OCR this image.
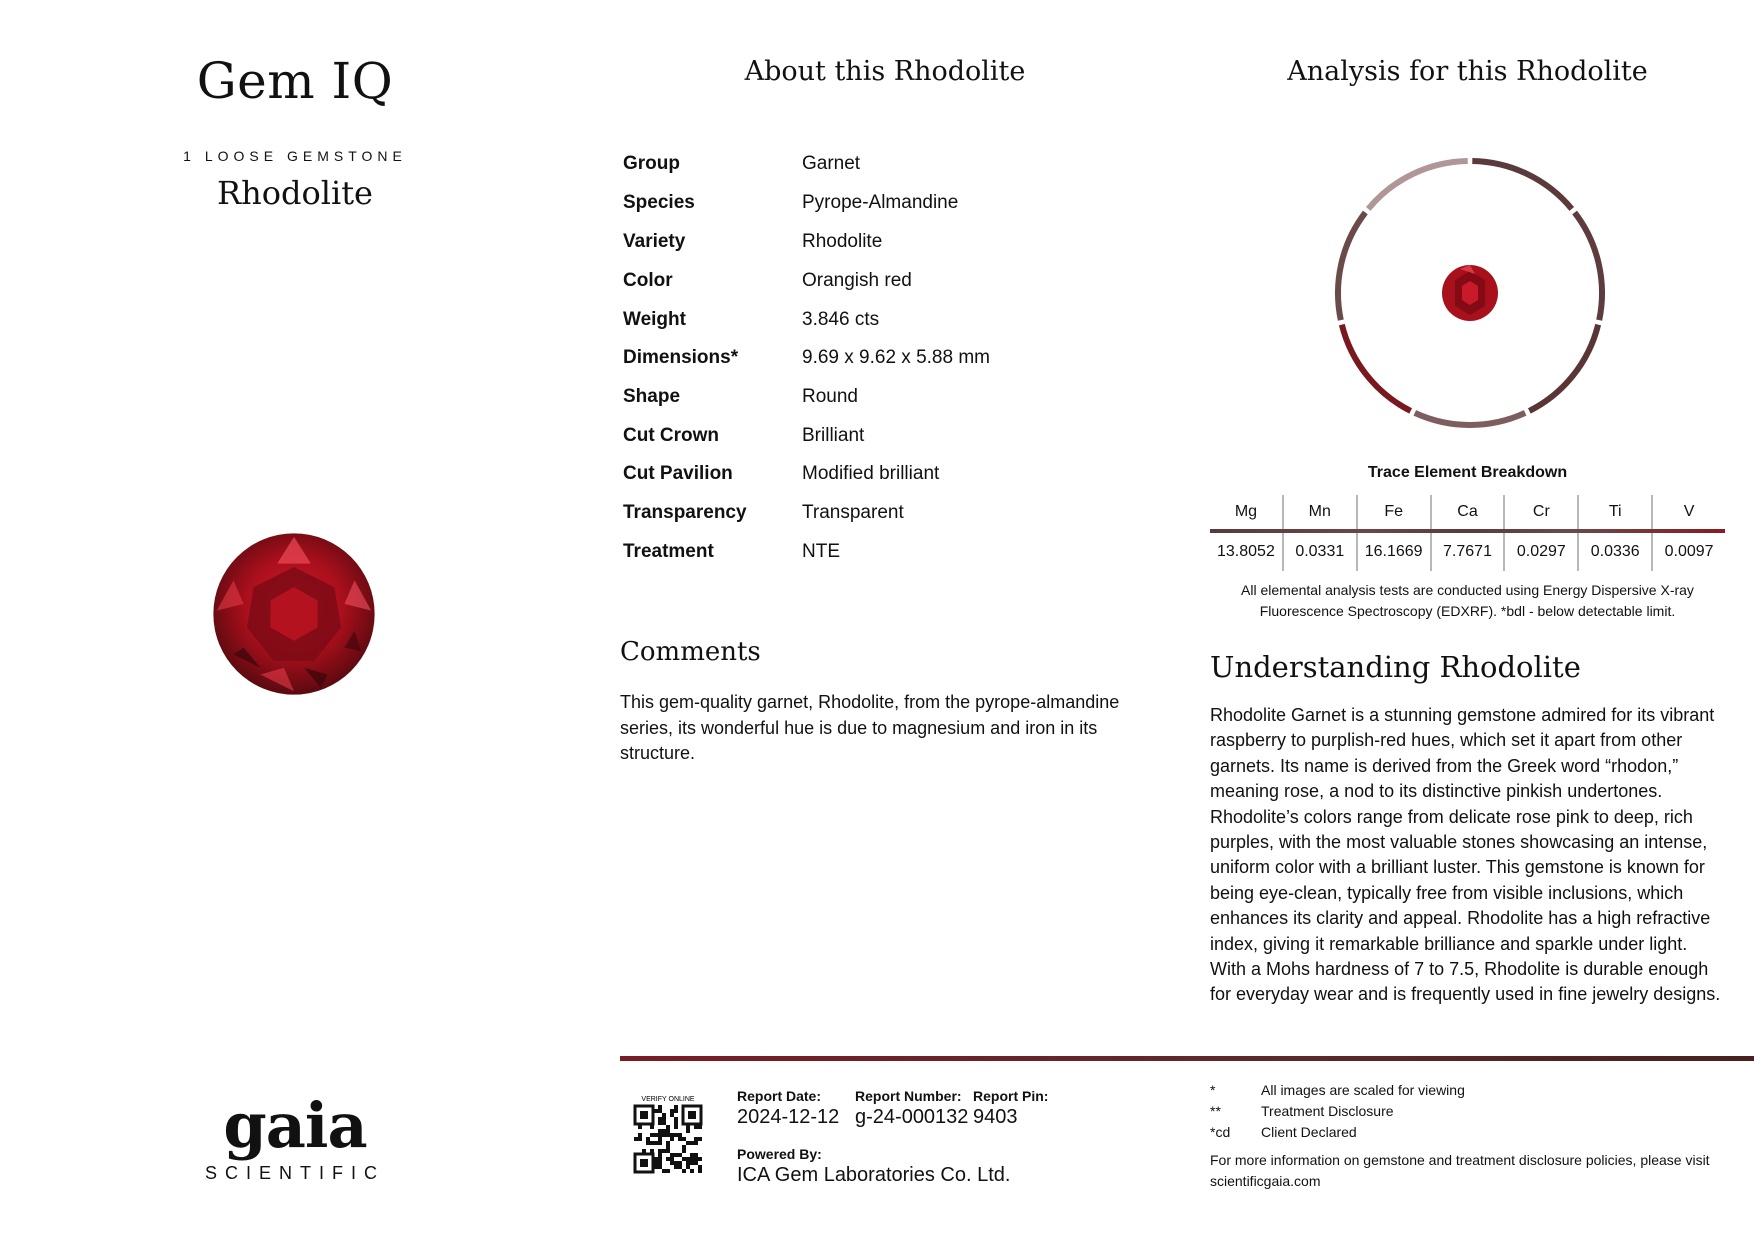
Gem IQ
1 LOOSE GEMSTONE
Rhodolite
gaia
SCIENTIFIC
About this Rhodolite
Group	Garnet
Species	Pyrope-Almandine
Variety	Rhodolite
Color	Orangish red
Weight	3.846 cts
Dimensions*	9.69 x 9.62 x 5.88 mm
Shape	Round
Cut Crown	Brilliant
Cut Pavilion	Modified brilliant
Transparency	Transparent
Treatment	NTE
Comments
This gem-quality garnet, Rhodolite, from the pyrope-almandine series, its wonderful hue is due to magnesium and iron in its structure.
Analysis for this Rhodolite
Trace Element Breakdown
Mg	Mn	Fe	Ca	Cr	Ti	V
13.8052	0.0331	16.1669	7.7671	0.0297	0.0336	0.0097
All elemental analysis tests are conducted using Energy Dispersive X-ray Fluorescence Spectroscopy (EDXRF). *bdl - below detectable limit.
Understanding Rhodolite
Rhodolite Garnet is a stunning gemstone admired for its vibrant raspberry to purplish-red hues, which set it apart from other garnets. Its name is derived from the Greek word “rhodon,” meaning rose, a nod to its distinctive pinkish undertones. Rhodolite’s colors range from delicate rose pink to deep, rich purples, with the most valuable stones showcasing an intense, uniform color with a brilliant luster. This gemstone is known for being eye-clean, typically free from visible inclusions, which enhances its clarity and appeal. Rhodolite has a high refractive index, giving it remarkable brilliance and sparkle under light. With a Mohs hardness of 7 to 7.5, Rhodolite is durable enough for everyday wear and is frequently used in fine jewelry designs.
VERIFY ONLINE	Report Date:
2024-12-12
Report Number:
g-24-000132
Report Pin:
9403
Powered By:
ICA Gem Laboratories Co. Ltd.
*	All images are scaled for viewing
**	Treatment Disclosure
*cd Client Declared
For more information on gemstone and treatment disclosure policies, please visit scientificgaia.com
